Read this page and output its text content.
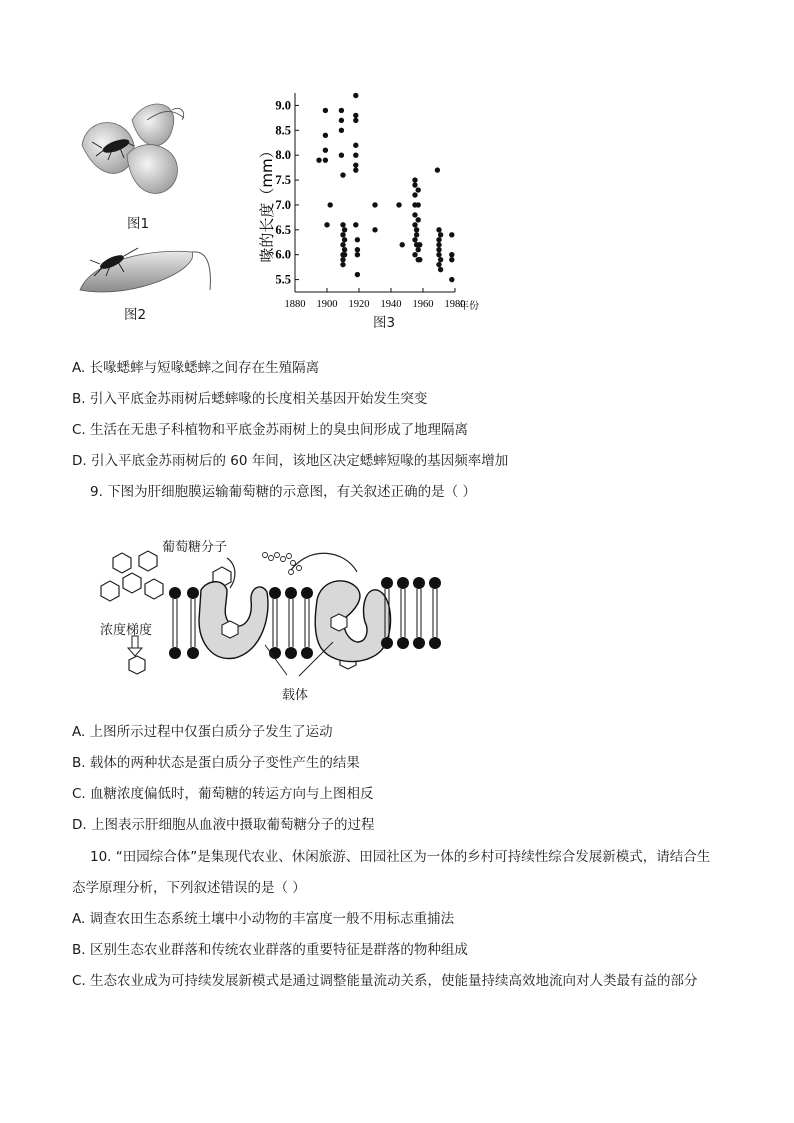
图1
图2
5.5
6.0
6.5
7.0
7.5
8.0
8.5
9.0
1880 1900 1920 1940 1960 1980
喙的长度（mm）
年份
图3
A. 长喙蟋蟀与短喙蟋蟀之间存在生殖隔离
B. 引入平底金苏雨树后蟋蟀喙的长度相关基因开始发生突变
C. 生活在无患子科植物和平底金苏雨树上的臭虫间形成了地理隔离
D. 引入平底金苏雨树后的 60 年间，该地区决定蟋蟀短喙的基因频率增加
9. 下图为肝细胞膜运输葡萄糖的示意图，有关叙述正确的是（ ）
葡萄糖分子
浓度梯度
载体
A. 上图所示过程中仅蛋白质分子发生了运动
B. 载体的两种状态是蛋白质分子变性产生的结果
C. 血糖浓度偏低时，葡萄糖的转运方向与上图相反
D. 上图表示肝细胞从血液中摄取葡萄糖分子的过程
10. “田园综合体”是集现代农业、休闲旅游、田园社区为一体的乡村可持续性综合发展新模式，请结合生态学原理分析，下列叙述错误的是（ ）
A. 调查农田生态系统土壤中小动物的丰富度一般不用标志重捕法
B. 区别生态农业群落和传统农业群落的重要特征是群落的物种组成
C. 生态农业成为可持续发展新模式是通过调整能量流动关系，使能量持续高效地流向对人类最有益的部分
